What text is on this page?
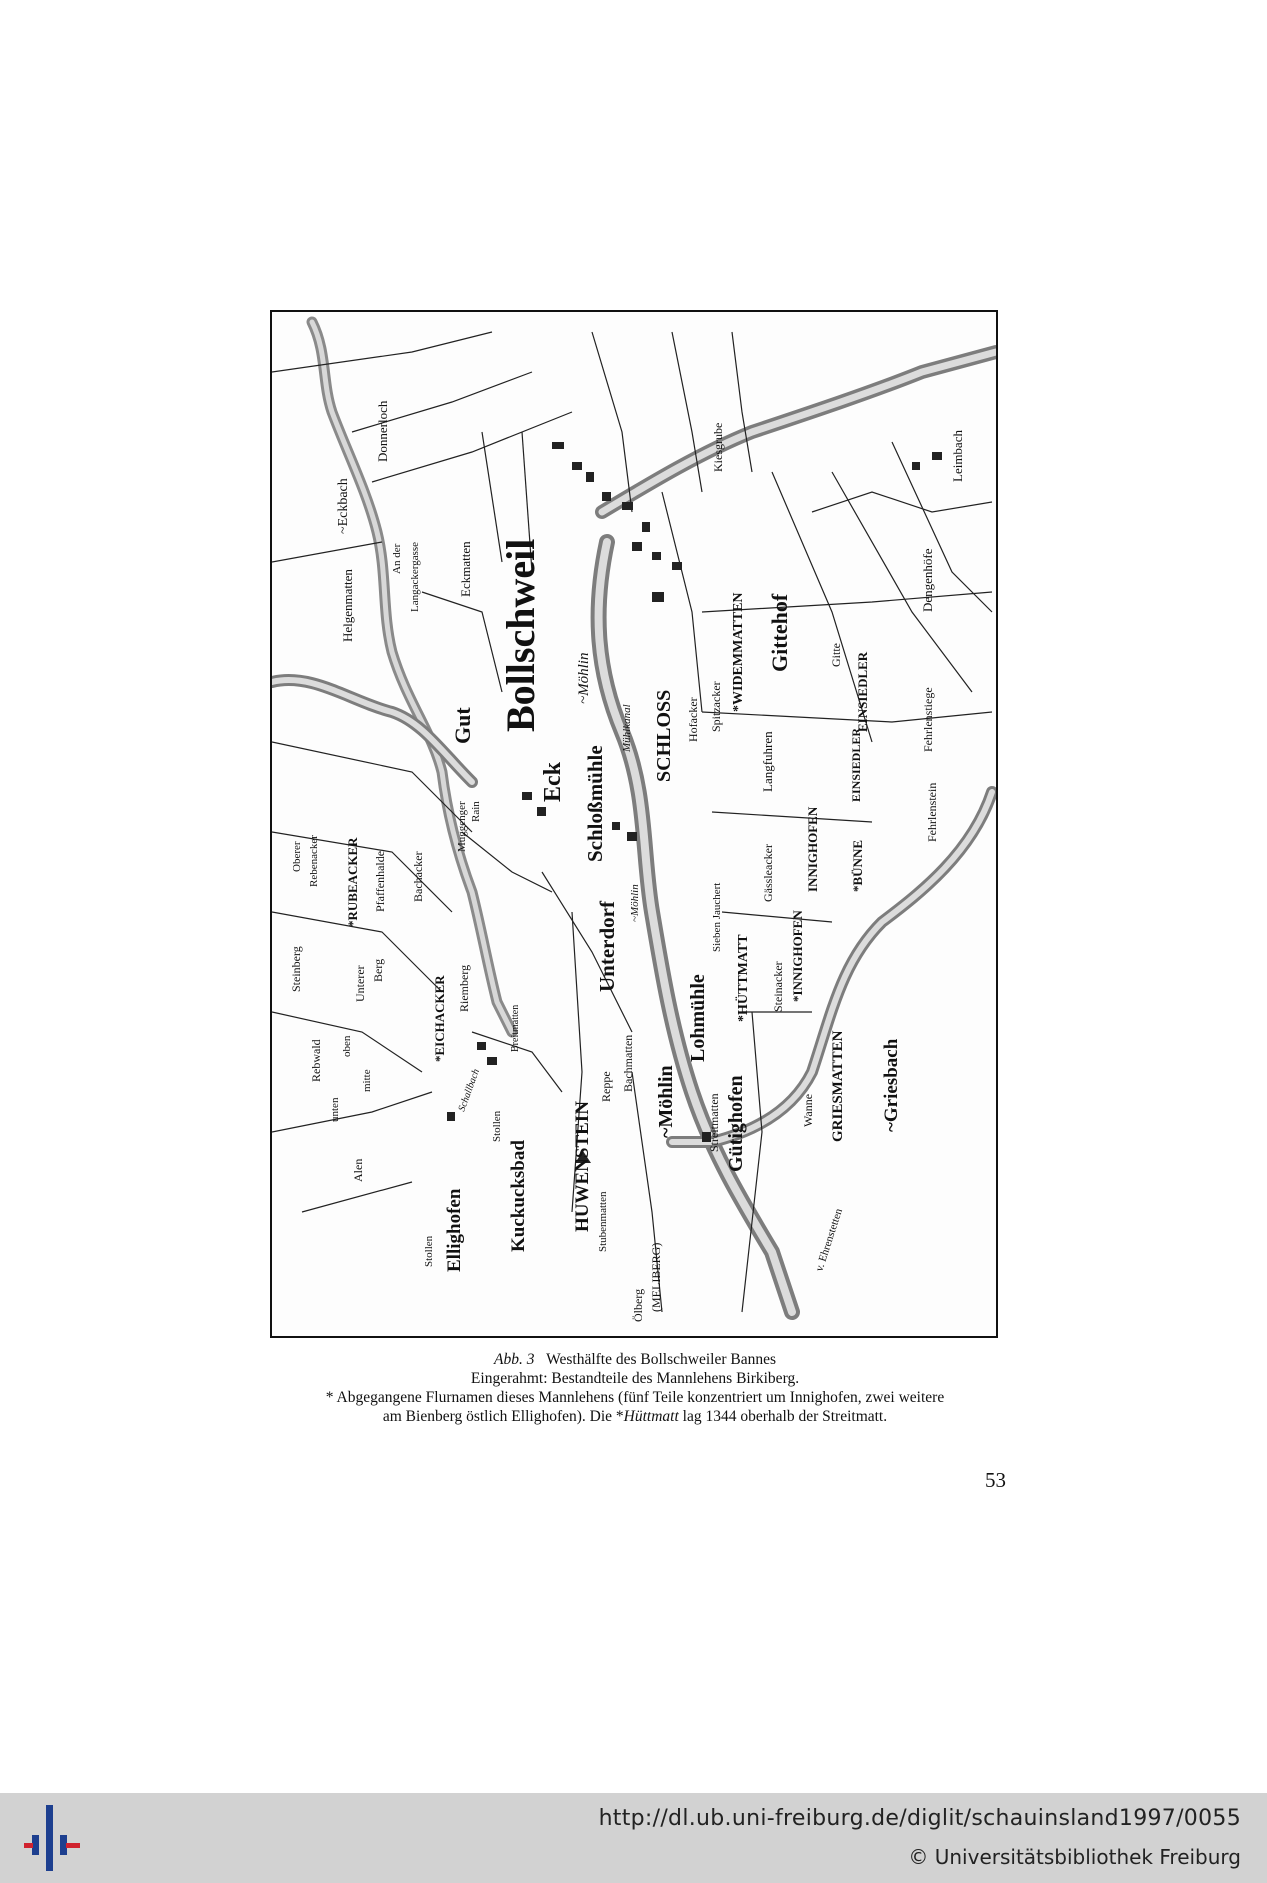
Bollschweil
Eck
Gut	SCHLOSS
Schloßmühle
Unterdorf
Lohmühle
Gütighofen
Gittehof
Kuckucksbad
Ellighofen	HUWENSTEIN
GRIESMATTEN ~Griesbach
~Möhlin
~Möhlin
Mühlkanal
~Eckbach
Leimbach
Donnerloch
Helgenmatten	Eckmatten
An der Langackergasse
Kiesgrube
*WIDEMMATTEN
Dengenhöfe
Hofacker Spitzacker
Gitte EINSIEDLER
EINSIEDLER
Langfuhren
Fehrlenstiege
Fehrlenstein
Muggenger Rain
*RUBEACKER
Oberer Rebenacker	Pfaffenhalde Bachacker
*EICHACKER Riemberg
Steinberg	Unterer Berg
Rebwald oben
mitte
unten
Alen
Stollen
Stollen
Schallbach
Breitmatten
Reppe Bachmatten
Stubenmatten
Ölberg (MELIBERG)
Gässleacker
Sieben Jauchert
*HÜTTMATT
INNIGHOFEN
*INNIGHOFEN
*BÜNNE
Steinacker
Streitmatten	Wanne
v. Ehrenstetten
~Möhlin
Abb. 3 Westhälfte des Bollschweiler Bannes
Eingerahmt: Bestandteile des Mannlehens Birkiberg.
* Abgegangene Flurnamen dieses Mannlehens (fünf Teile konzentriert um Innighofen, zwei weitere
am Bienberg östlich Ellighofen). Die *Hüttmatt lag 1344 oberhalb der Streitmatt.
53
http://dl.ub.uni-freiburg.de/diglit/schauinsland1997/0055
© Universitätsbibliothek Freiburg
